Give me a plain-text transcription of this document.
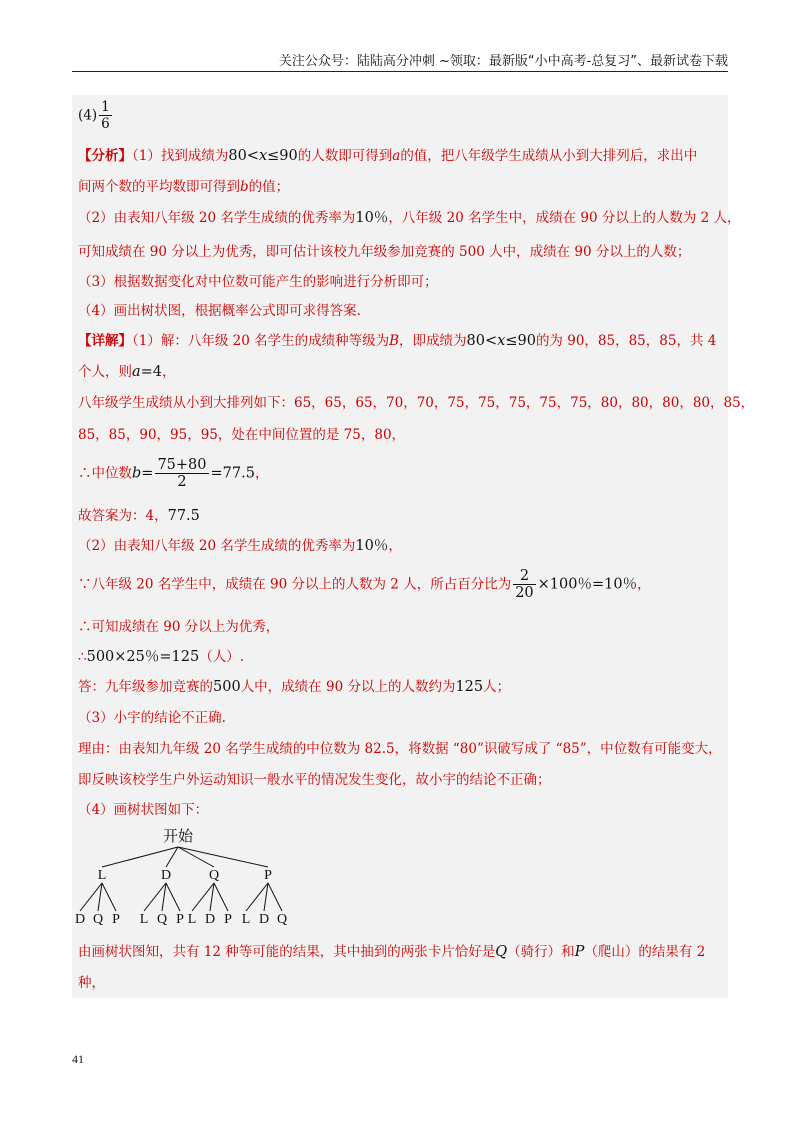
关注公众号：陆陆高分冲刺 ~领取：最新版“小中高考-总复习”、最新试卷下载
$(4) \frac{1}{6}$
【分析】（1）找到成绩为80<x≤90的人数即可得到a的值，把八年级学生成绩从小到大排列后，求出中
间两个数的平均数即可得到b的值；
（2）由表知八年级 20 名学生成绩的优秀率为10％，八年级 20 名学生中，成绩在 90 分以上的人数为 2 人，
可知成绩在 90 分以上为优秀，即可估计该校九年级参加竞赛的 500 人中，成绩在 90 分以上的人数；
（3）根据数据变化对中位数可能产生的影响进行分析即可；
（4）画出树状图，根据概率公式即可求得答案.
【详解】（1）解：八年级 20 名学生的成绩种等级为B，即成绩为80<x≤90的为 90，85，85，85，共 4
个人，则a=4，
八年级学生成绩从小到大排列如下：65，65，65，70，70，75，75，75，75，75，80，80，80，80，85，
85，85，90，95，95，处在中间位置的是 75，80，
∴中位数$b= \frac{75+80}{2} =77.5$，
故答案为：4，77.5
（2）由表知八年级 20 名学生成绩的优秀率为10％，
∵八年级 20 名学生中，成绩在 90 分以上的人数为 2 人，所占百分比为 $\frac{2}{20} \times 100$％=10％，
∴可知成绩在 90 分以上为优秀，
∴500×25％=125（人）.
答：九年级参加竞赛的500人中，成绩在 90 分以上的人数约为125人；
（3）小宇的结论不正确.
理由：由表知九年级 20 名学生成绩的中位数为 82.5，将数据 “80”识破写成了 “85”，中位数有可能变大，
即反映该校学生户外运动知识一般水平的情况发生变化，故小宇的结论不正确；
（4）画树状图如下：
开始
L
D Q P
D
L Q P
Q
L D P
P
L D Q
由画树状图知，共有 12 种等可能的结果，其中抽到的两张卡片恰好是Q（骑行）和P（爬山）的结果有 2
种，
41
